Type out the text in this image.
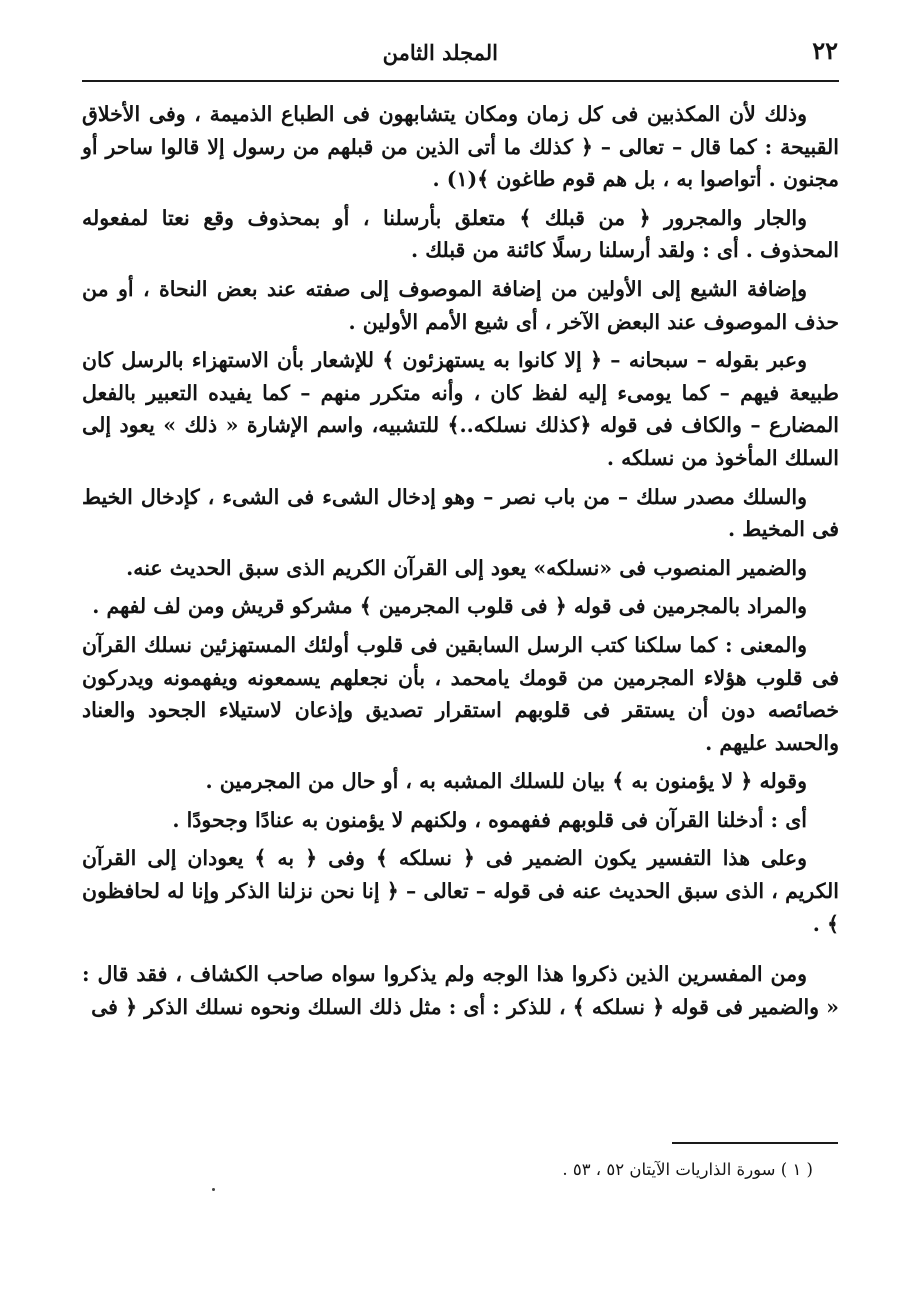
٢٢
المجلد الثامن

وذلك لأن المكذبين فى كل زمان ومكان يتشابهون فى الطباع الذميمة ، وفى الأخلاق القبيحة : كما قال – تعالى – ﴿ كذلك ما أتى الذين من قبلهم من رسول إلا قالوا ساحر أو مجنون . أتواصوا به ، بل هم قوم طاغون ﴾(١) .

والجار والمجرور ﴿ من قبلك ﴾ متعلق بأرسلنا ، أو بمحذوف وقع نعتا لمفعوله المحذوف . أى : ولقد أرسلنا رسلًا كائنة من قبلك .

وإضافة الشيع إلى الأولين من إضافة الموصوف إلى صفته عند بعض النحاة ، أو من حذف الموصوف عند البعض الآخر ، أى شيع الأمم الأولين .

وعبر بقوله – سبحانه – ﴿ إلا كانوا به يستهزئون ﴾ للإشعار بأن الاستهزاء بالرسل كان طبيعة فيهم – كما يومىء إليه لفظ كان ، وأنه متكرر منهم – كما يفيده التعبير بالفعل المضارع – والكاف فى قوله ﴿كذلك نسلكه..﴾ للتشبيه، واسم الإشارة « ذلك » يعود إلى السلك المأخوذ من نسلكه .

والسلك مصدر سلك – من باب نصر – وهو إدخال الشىء فى الشىء ، كإدخال الخيط فى المخيط .

والضمير المنصوب فى «نسلكه» يعود إلى القرآن الكريم الذى سبق الحديث عنه.

والمراد بالمجرمين فى قوله ﴿ فى قلوب المجرمين ﴾ مشركو قريش ومن لف لفهم .

والمعنى : كما سلكنا كتب الرسل السابقين فى قلوب أولئك المستهزئين نسلك القرآن فى قلوب هؤلاء المجرمين من قومك يامحمد ، بأن نجعلهم يسمعونه ويفهمونه ويدركون خصائصه دون أن يستقر فى قلوبهم استقرار تصديق وإذعان لاستيلاء الجحود والعناد والحسد عليهم .

وقوله ﴿ لا يؤمنون به ﴾ بيان للسلك المشبه به ، أو حال من المجرمين .

أى : أدخلنا القرآن فى قلوبهم ففهموه ، ولكنهم لا يؤمنون به عنادًا وجحودًا .

وعلى هذا التفسير يكون الضمير فى ﴿ نسلكه ﴾ وفى ﴿ به ﴾ يعودان إلى القرآن الكريم ، الذى سبق الحديث عنه فى قوله – تعالى – ﴿ إنا نحن نزلنا الذكر وإنا له لحافظون ﴾ .

ومن المفسرين الذين ذكروا هذا الوجه ولم يذكروا سواه صاحب الكشاف ، فقد قال : « والضمير فى قوله ﴿ نسلكه ﴾ ، للذكر : أى : مثل ذلك السلك ونحوه نسلك الذكر ﴿ فى

( ١ ) سورة الذاريات الآيتان ٥٢ ، ٥٣ .
